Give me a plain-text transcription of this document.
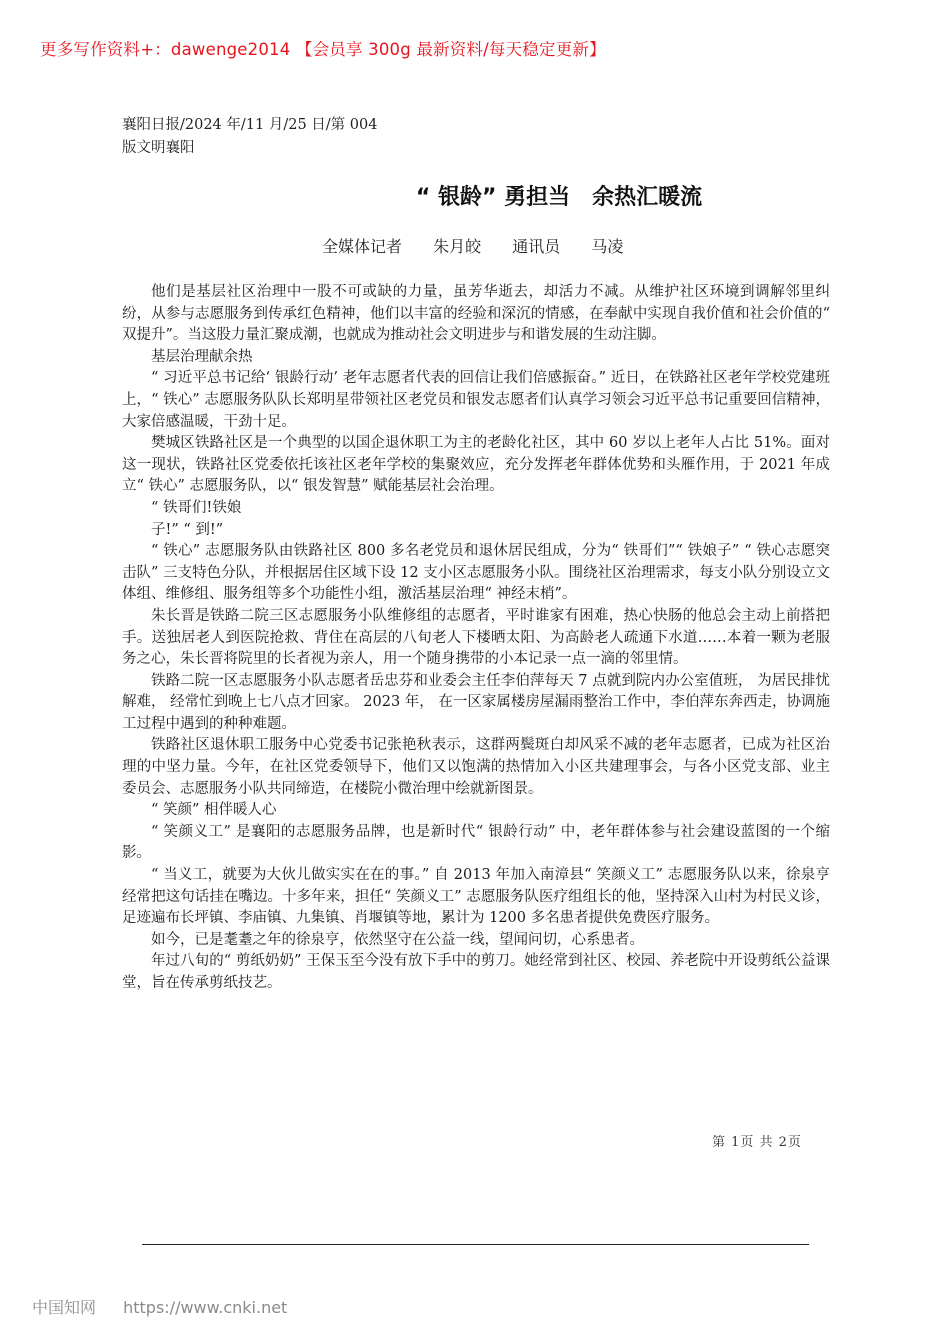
更多写作资料+：dawenge2014 【会员享 300g 最新资料/每天稳定更新】
襄阳日报/2024 年/11 月/25 日/第 004
版文明襄阳
“ 银龄” 勇担当　余热汇暖流
全媒体记者 朱月皎 通讯员 马凌

他们是基层社区治理中一股不可或缺的力量，虽芳华逝去，却活力不减。从维护社区环境到调解邻里纠纷，从参与志愿服务到传承红色精神，他们以丰富的经验和深沉的情感，在奉献中实现自我价值和社会价值的“ 双提升”。当这股力量汇聚成潮，也就成为推动社会文明进步与和谐发展的生动注脚。

基层治理献余热

“ 习近平总书记给‘ 银龄行动’ 老年志愿者代表的回信让我们倍感振奋。” 近日，在铁路社区老年学校党建班上，“ 铁心” 志愿服务队队长郑明星带领社区老党员和银发志愿者们认真学习领会习近平总书记重要回信精神，大家倍感温暖，干劲十足。

樊城区铁路社区是一个典型的以国企退休职工为主的老龄化社区，其中 60 岁以上老年人占比 51%。面对这一现状，铁路社区党委依托该社区老年学校的集聚效应，充分发挥老年群体优势和头雁作用，于 2021 年成立“ 铁心” 志愿服务队，以“ 银发智慧” 赋能基层社会治理。

“ 铁哥们!铁娘

子!” “ 到!”

“ 铁心” 志愿服务队由铁路社区 800 多名老党员和退休居民组成，分为“ 铁哥们”“ 铁娘子” “ 铁心志愿突击队” 三支特色分队，并根据居住区域下设 12 支小区志愿服务小队。围绕社区治理需求，每支小队分别设立文体组、维修组、服务组等多个功能性小组，激活基层治理“ 神经末梢”。

朱长晋是铁路二院三区志愿服务小队维修组的志愿者，平时谁家有困难，热心快肠的他总会主动上前搭把手。送独居老人到医院抢救、背住在高层的八旬老人下楼晒太阳、为高龄老人疏通下水道……本着一颗为老服务之心，朱长晋将院里的长者视为亲人，用一个随身携带的小本记录一点一滴的邻里情。

铁路二院一区志愿服务小队志愿者岳忠芬和业委会主任李伯萍每天 7 点就到院内办公室值班， 为居民排忧解难， 经常忙到晚上七八点才回家。 2023 年， 在一区家属楼房屋漏雨整治工作中，李伯萍东奔西走，协调施工过程中遇到的种种难题。

铁路社区退休职工服务中心党委书记张艳秋表示，这群两鬓斑白却风采不减的老年志愿者，已成为社区治理的中坚力量。今年，在社区党委领导下，他们又以饱满的热情加入小区共建理事会，与各小区党支部、业主委员会、志愿服务小队共同缔造，在楼院小微治理中绘就新图景。

“ 笑颜” 相伴暖人心

“ 笑颜义工” 是襄阳的志愿服务品牌，也是新时代“ 银龄行动” 中，老年群体参与社会建设蓝图的一个缩影。

“ 当义工，就要为大伙儿做实实在在的事。” 自 2013 年加入南漳县“ 笑颜义工” 志愿服务队以来，徐泉亨经常把这句话挂在嘴边。十多年来，担任“ 笑颜义工” 志愿服务队医疗组组长的他，坚持深入山村为村民义诊，足迹遍布长坪镇、李庙镇、九集镇、肖堰镇等地，累计为 1200 多名患者提供免费医疗服务。

如今，已是耄耋之年的徐泉亨，依然坚守在公益一线，望闻问切，心系患者。

年过八旬的“ 剪纸奶奶” 王保玉至今没有放下手中的剪刀。她经常到社区、校园、养老院中开设剪纸公益课堂，旨在传承剪纸技艺。

第 1页 共 2页
中国知网 https://www.cnki.net
